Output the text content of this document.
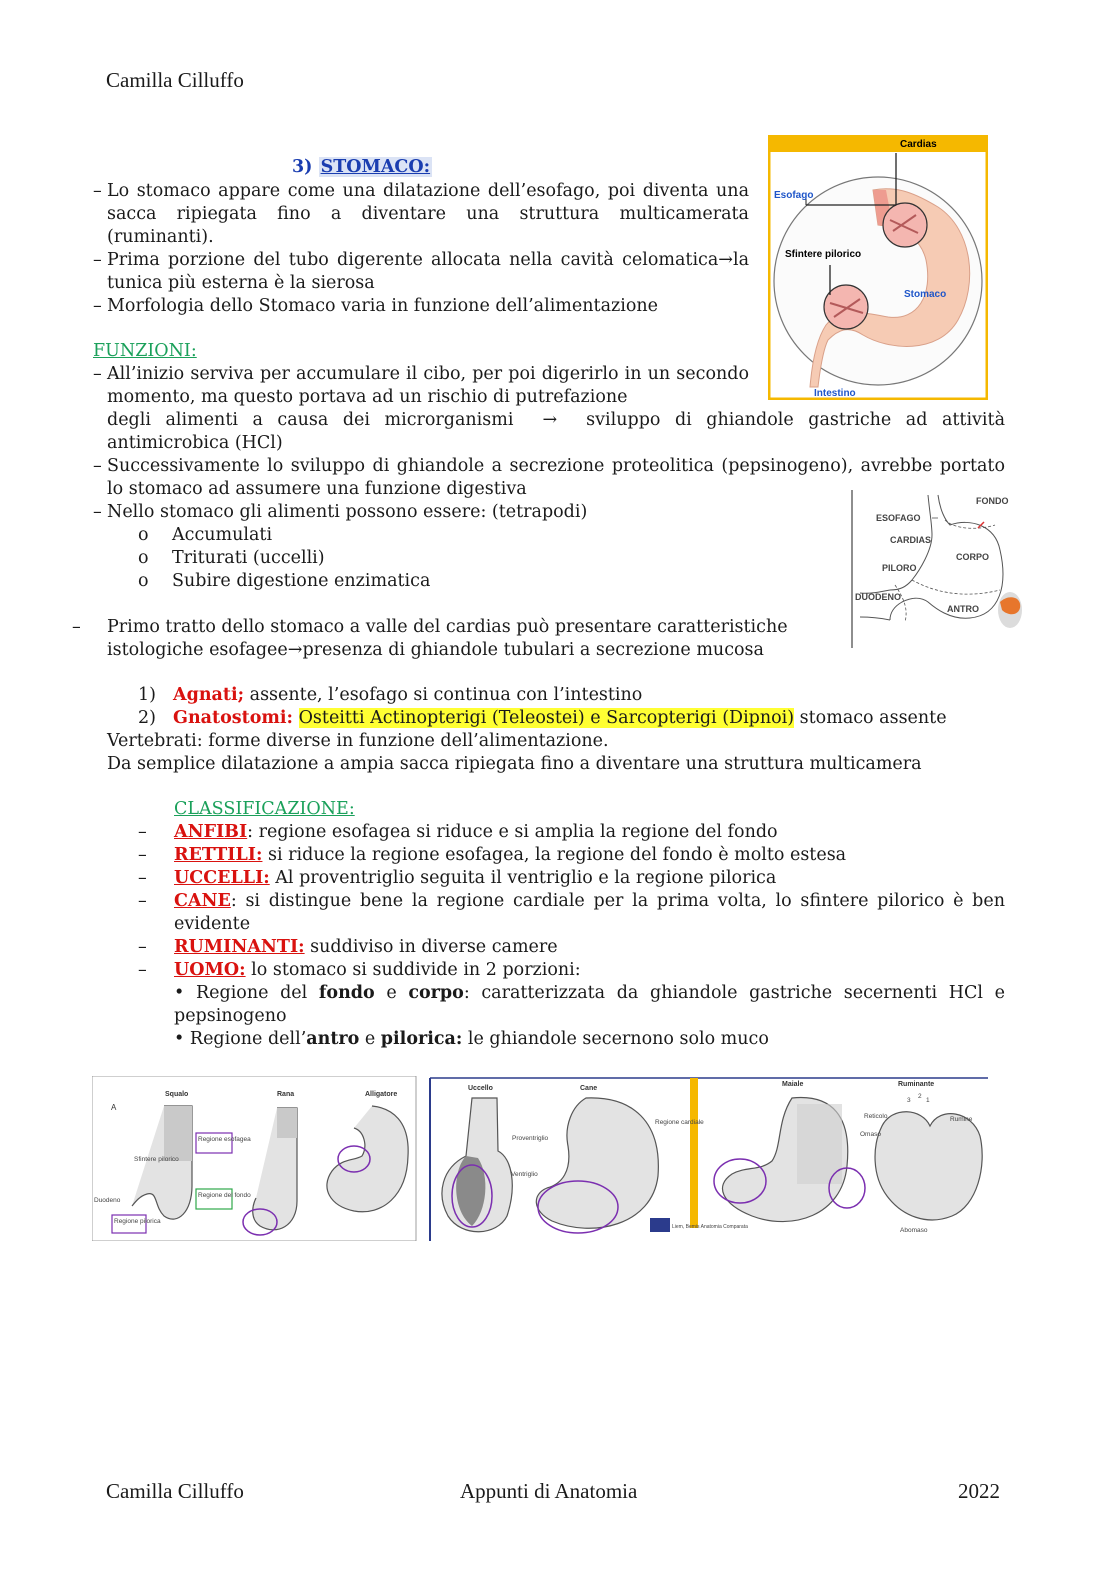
Camilla Cilluffo
3) STOMACO:
– Lo stomaco appare come una dilatazione dell’esofago, poi diventa una sacca ripiegata fino a diventare una struttura multicamerata (ruminanti).
– Prima porzione del tubo digerente allocata nella cavità celomatica→la tunica più esterna è la sierosa
– Morfologia dello Stomaco varia in funzione dell’alimentazione
FUNZIONI:
– All’inizio serviva per accumulare il cibo, per poi digerirlo in un secondo momento, ma questo portava ad un rischio di putrefazione
degli alimenti a causa dei microrganismi  →  sviluppo di ghiandole gastriche ad attività antimicrobica (HCl)
– Successivamente lo sviluppo di ghiandole a secrezione proteolitica (pepsinogeno), avrebbe portato lo stomaco ad assumere una funzione digestiva
– Nello stomaco gli alimenti possono essere: (tetrapodi)
o Accumulati
o Triturati (uccelli)
o Subire digestione enzimatica
–	Primo tratto dello stomaco a valle del cardias può presentare caratteristiche istologiche esofagee→presenza di ghiandole tubulari a secrezione mucosa
1) Agnati; assente, l’esofago si continua con l’intestino
2) Gnatostomi: Osteitti Actinopterigi (Teleostei) e Sarcopterigi (Dipnoi) stomaco assente
Vertebrati: forme diverse in funzione dell’alimentazione.
Da semplice dilatazione a ampia sacca ripiegata fino a diventare una struttura multicamera
CLASSIFICAZIONE:
–	ANFIBI: regione esofagea si riduce e si amplia la regione del fondo
–	RETTILI: si riduce la regione esofagea, la regione del fondo è molto estesa
–	UCCELLI: Al proventriglio seguita il ventriglio e la regione pilorica
–	CANE: si distingue bene la regione cardiale per la prima volta, lo sfintere pilorico è ben evidente
–	RUMINANTI: suddiviso in diverse camere
–	UOMO: lo stomaco si suddivide in 2 porzioni:
• Regione del fondo e corpo: caratterizzata da ghiandole gastriche secernenti HCl e pepsinogeno
• Regione dell’antro e pilorica: le ghiandole secernono solo muco
Cardias
Esofago
Sfintere pilorico
Stomaco
Intestino
FONDO
ESOFAGO
CARDIAS
CORPO
PILORO
DUODENO
ANTRO
A
Squalo	Rana	Alligatore
Uccello	Cane
Maiale	Ruminante
Regione esofagea
Sfintere pilorico
Duodeno
Regione del fondo
Regione pilorica
Proventriglio
Ventriglio
Regione cardiale
Reticolo
Omaso
Rumine
Abomaso
3
2
1
Liem, Bemis Anatomia Comparata
Camilla Cilluffo	Appunti di Anatomia	2022
